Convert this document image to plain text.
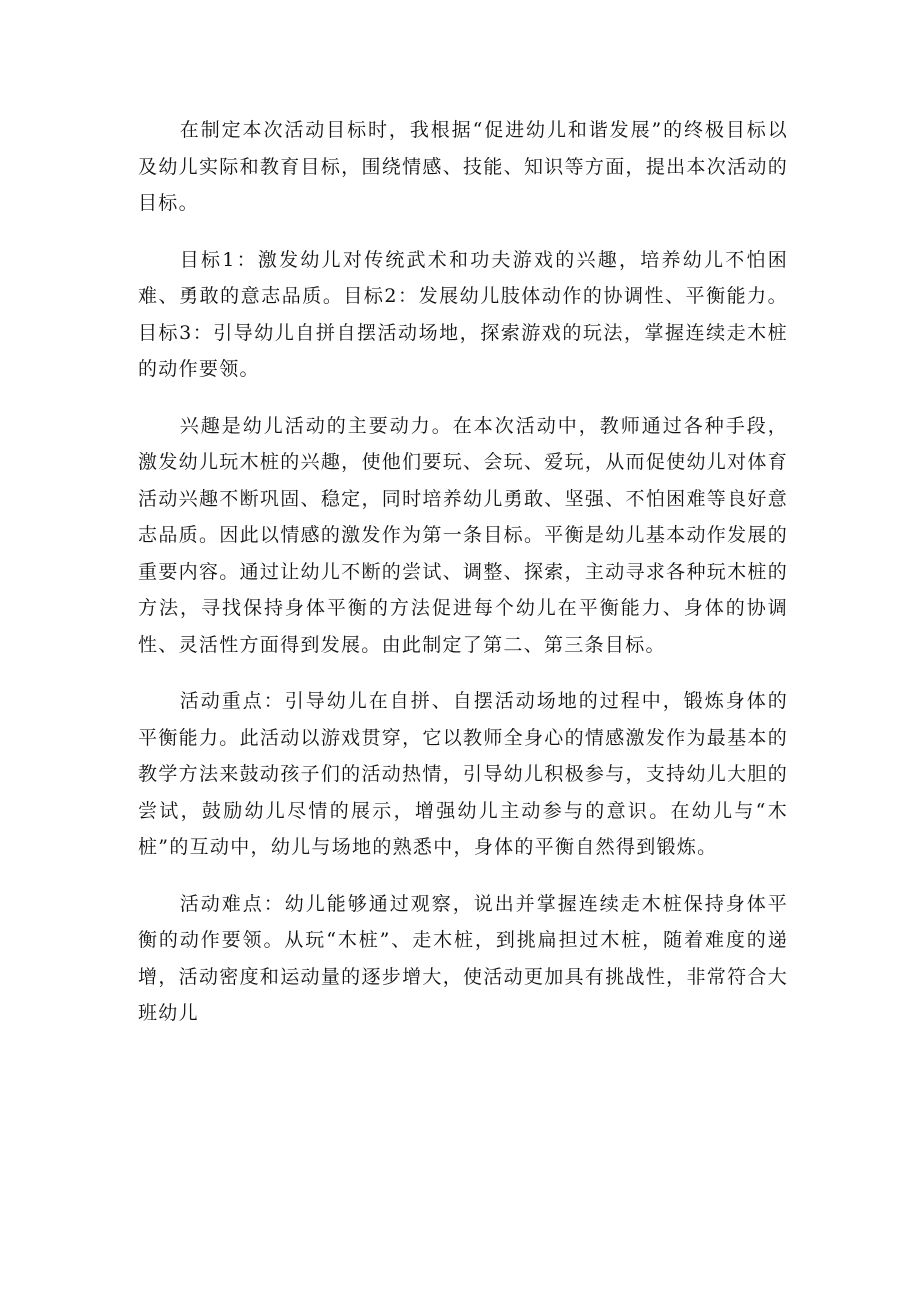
在制定本次活动目标时，我根据“促进幼儿和谐发展”的终极目标以及幼儿实际和教育目标，围绕情感、技能、知识等方面，提出本次活动的目标。

目标1：激发幼儿对传统武术和功夫游戏的兴趣，培养幼儿不怕困难、勇敢的意志品质。目标2：发展幼儿肢体动作的协调性、平衡能力。目标3：引导幼儿自拼自摆活动场地，探索游戏的玩法，掌握连续走木桩的动作要领。

兴趣是幼儿活动的主要动力。在本次活动中，教师通过各种手段，激发幼儿玩木桩的兴趣，使他们要玩、会玩、爱玩，从而促使幼儿对体育活动兴趣不断巩固、稳定，同时培养幼儿勇敢、坚强、不怕困难等良好意志品质。因此以情感的激发作为第一条目标。平衡是幼儿基本动作发展的重要内容。通过让幼儿不断的尝试、调整、探索，主动寻求各种玩木桩的方法，寻找保持身体平衡的方法促进每个幼儿在平衡能力、身体的协调性、灵活性方面得到发展。由此制定了第二、第三条目标。

活动重点：引导幼儿在自拼、自摆活动场地的过程中，锻炼身体的平衡能力。此活动以游戏贯穿，它以教师全身心的情感激发作为最基本的教学方法来鼓动孩子们的活动热情，引导幼儿积极参与，支持幼儿大胆的尝试，鼓励幼儿尽情的展示，增强幼儿主动参与的意识。在幼儿与“木桩”的互动中，幼儿与场地的熟悉中，身体的平衡自然得到锻炼。

活动难点：幼儿能够通过观察，说出并掌握连续走木桩保持身体平衡的动作要领。从玩“木桩”、走木桩，到挑扁担过木桩，随着难度的递增，活动密度和运动量的逐步增大，使活动更加具有挑战性，非常符合大班幼儿
